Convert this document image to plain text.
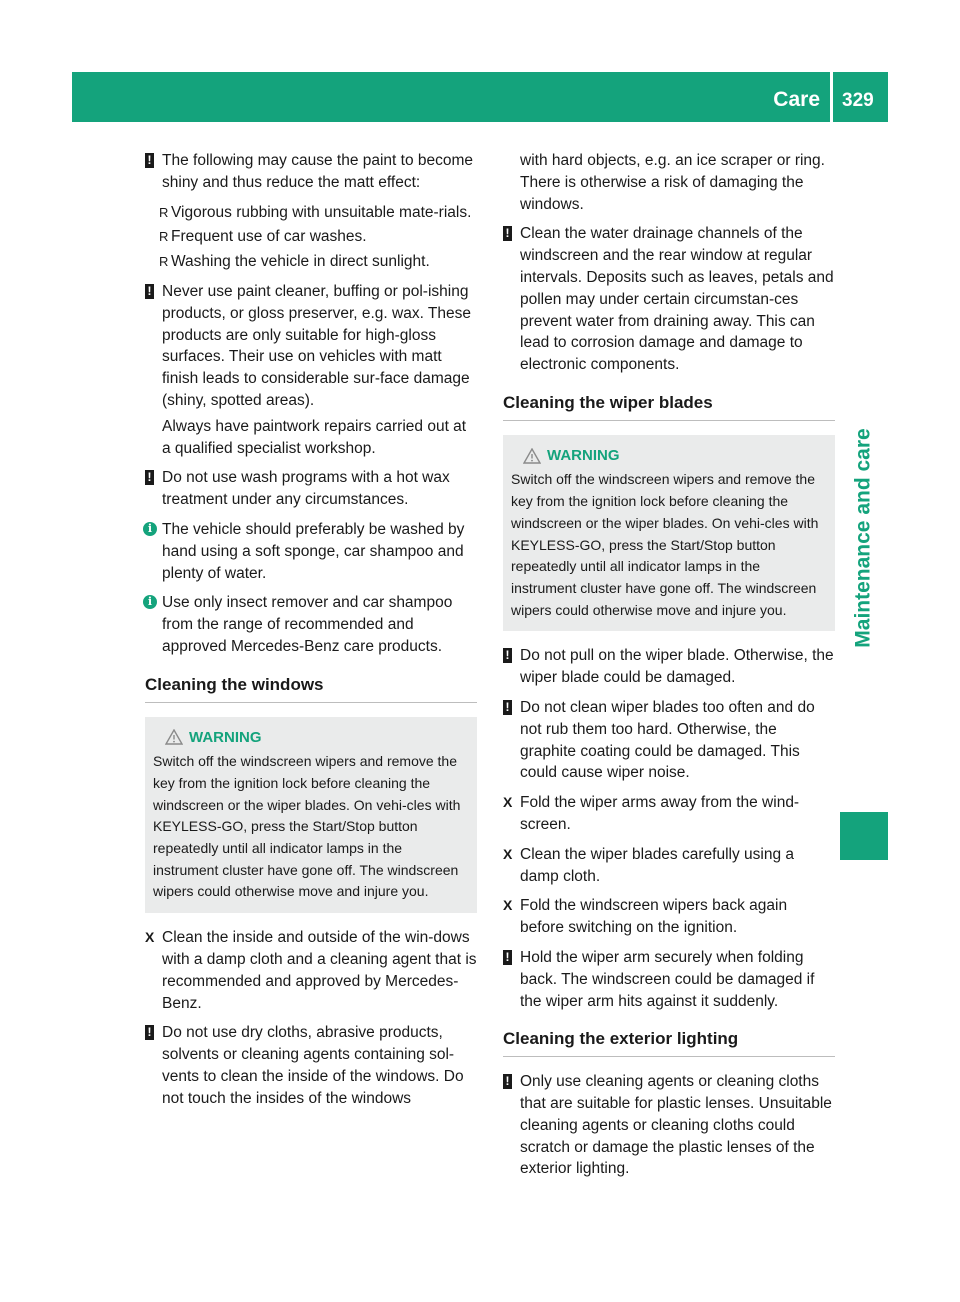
Care 329
Maintenance and care
! The following may cause the paint to become shiny and thus reduce the matt effect:
R Vigorous rubbing with unsuitable mate-rials.
R Frequent use of car washes.
R Washing the vehicle in direct sunlight.
! Never use paint cleaner, buffing or pol-ishing products, or gloss preserver, e.g. wax. These products are only suitable for high-gloss surfaces. Their use on vehicles with matt finish leads to considerable sur-face damage (shiny, spotted areas).
Always have paintwork repairs carried out at a qualified specialist workshop.
! Do not use wash programs with a hot wax treatment under any circumstances.
i The vehicle should preferably be washed by hand using a soft sponge, car shampoo and plenty of water.
i Use only insect remover and car shampoo from the range of recommended and approved Mercedes-Benz care products.
Cleaning the windows
WARNING
Switch off the windscreen wipers and remove the key from the ignition lock before cleaning the windscreen or the wiper blades. On vehi-cles with KEYLESS-GO, press the Start/Stop button repeatedly until all indicator lamps in the instrument cluster have gone off. The windscreen wipers could otherwise move and injure you.
X Clean the inside and outside of the win-dows with a damp cloth and a cleaning agent that is recommended and approved by Mercedes-Benz.
! Do not use dry cloths, abrasive products, solvents or cleaning agents containing sol-vents to clean the inside of the windows. Do not touch the insides of the windows
with hard objects, e.g. an ice scraper or ring. There is otherwise a risk of damaging the windows.
! Clean the water drainage channels of the windscreen and the rear window at regular intervals. Deposits such as leaves, petals and pollen may under certain circumstan-ces prevent water from draining away. This can lead to corrosion damage and damage to electronic components.
Cleaning the wiper blades
WARNING
Switch off the windscreen wipers and remove the key from the ignition lock before cleaning the windscreen or the wiper blades. On vehi-cles with KEYLESS-GO, press the Start/Stop button repeatedly until all indicator lamps in the instrument cluster have gone off. The windscreen wipers could otherwise move and injure you.
! Do not pull on the wiper blade. Otherwise, the wiper blade could be damaged.
! Do not clean wiper blades too often and do not rub them too hard. Otherwise, the graphite coating could be damaged. This could cause wiper noise.
X Fold the wiper arms away from the wind-screen.
X Clean the wiper blades carefully using a damp cloth.
X Fold the windscreen wipers back again before switching on the ignition.
! Hold the wiper arm securely when folding back. The windscreen could be damaged if the wiper arm hits against it suddenly.
Cleaning the exterior lighting
! Only use cleaning agents or cleaning cloths that are suitable for plastic lenses. Unsuitable cleaning agents or cleaning cloths could scratch or damage the plastic lenses of the exterior lighting.
